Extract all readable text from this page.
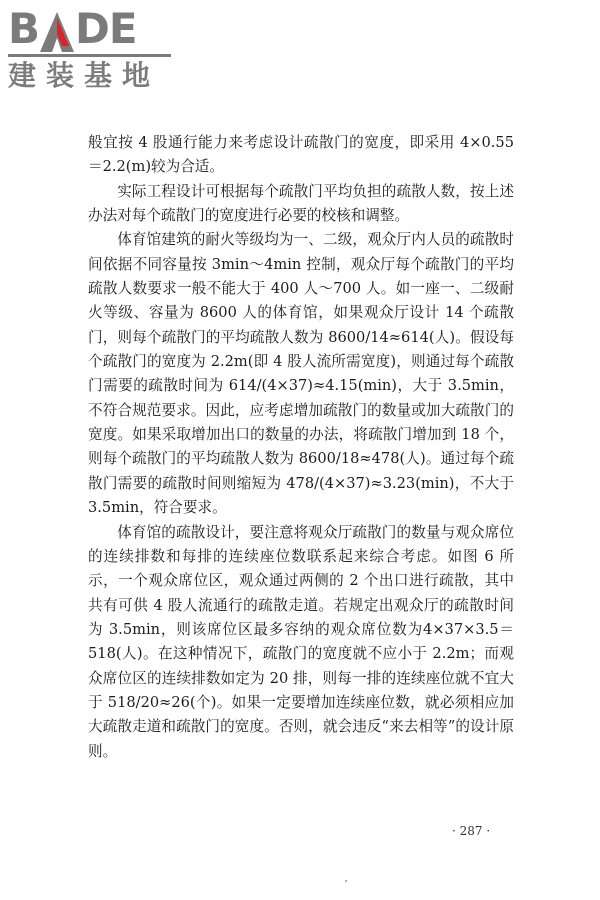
B DE
建装基地

般宜按 4 股通行能力来考虑设计疏散门的宽度，即采用 4×0.55＝2.2(m)较为合适。

实际工程设计可根据每个疏散门平均负担的疏散人数，按上述办法对每个疏散门的宽度进行必要的校核和调整。

体育馆建筑的耐火等级均为一、二级，观众厅内人员的疏散时间依据不同容量按 3min～4min 控制，观众厅每个疏散门的平均疏散人数要求一般不能大于 400 人～700 人。如一座一、二级耐火等级、容量为 8600 人的体育馆，如果观众厅设计 14 个疏散门，则每个疏散门的平均疏散人数为 8600/14≈614(人)。假设每个疏散门的宽度为 2.2m(即 4 股人流所需宽度)，则通过每个疏散门需要的疏散时间为 614/(4×37)≈4.15(min)，大于 3.5min，不符合规范要求。因此，应考虑增加疏散门的数量或加大疏散门的宽度。如果采取增加出口的数量的办法，将疏散门增加到 18 个，则每个疏散门的平均疏散人数为 8600/18≈478(人)。通过每个疏散门需要的疏散时间则缩短为 478/(4×37)≈3.23(min)，不大于 3.5min，符合要求。

体育馆的疏散设计，要注意将观众厅疏散门的数量与观众席位的连续排数和每排的连续座位数联系起来综合考虑。如图 6 所示，一个观众席位区，观众通过两侧的 2 个出口进行疏散，其中共有可供 4 股人流通行的疏散走道。若规定出观众厅的疏散时间为 3.5min，则该席位区最多容纳的观众席位数为4×37×3.5＝518(人)。在这种情况下，疏散门的宽度就不应小于 2.2m；而观众席位区的连续排数如定为 20 排，则每一排的连续座位就不宜大于 518/20≈26(个)。如果一定要增加连续座位数，就必须相应加大疏散走道和疏散门的宽度。否则，就会违反“来去相等”的设计原则。

· 287 ·
